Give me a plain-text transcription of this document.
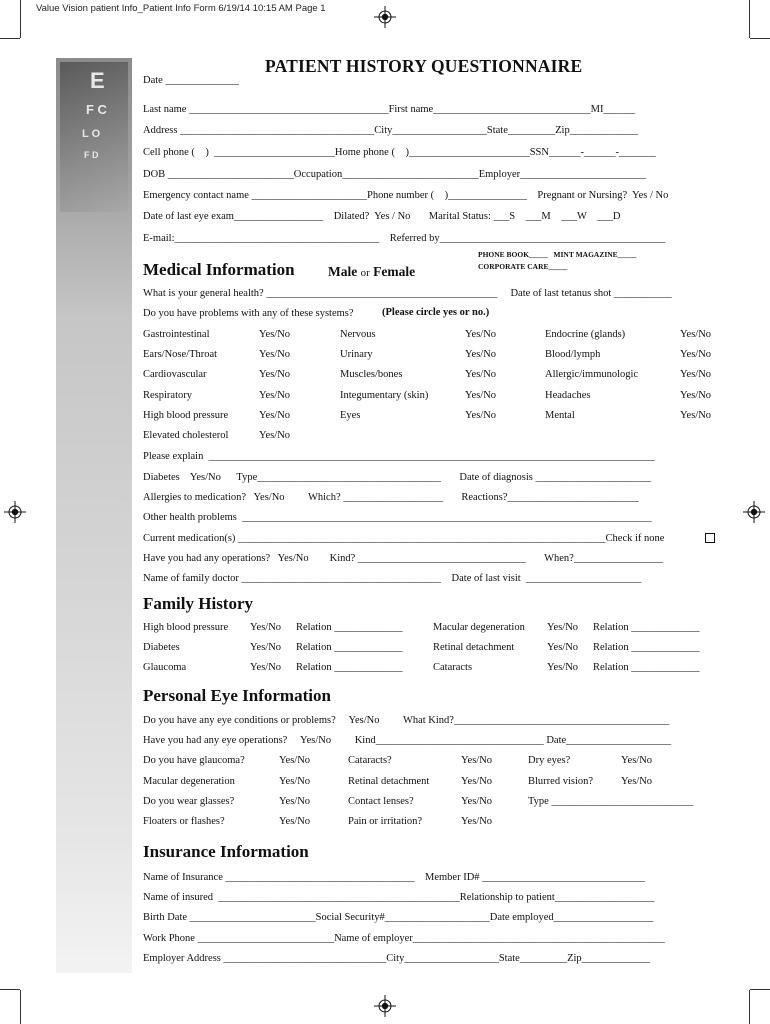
Value Vision patient Info_Patient Info Form 6/19/14 10:15 AM Page 1
E
F C
L O
F D
PATIENT HISTORY QUESTIONNAIRE
Date ______________
Last name ______________________________________First name______________________________MI______
Address _____________________________________City__________________State_________Zip_____________
Cell phone (    )  _______________________Home phone (    )_______________________SSN______-______-_______
DOB ________________________Occupation__________________________Employer________________________
Emergency contact name ______________________Phone number (    )_______________    Pregnant or Nursing?  Yes / No
Date of last eye exam_________________    Dilated?  Yes / No       Marital Status: ___S    ___M    ___W    ___D
E-mail:_______________________________________    Referred by___________________________________________
What is your general health? ____________________________________________     Date of last tetanus shot ___________
Do you have problems with any of these systems?	(Please circle yes or no.)
Gastrointestinal	Yes/No	Nervous	Yes/No	Endocrine (glands)	Yes/No
Ears/Nose/Throat	Yes/No	Urinary	Yes/No	Blood/lymph	Yes/No
Cardiovascular	Yes/No	Muscles/bones	Yes/No	Allergic/immunologic	Yes/No
Respiratory	Yes/No	Integumentary (skin)	Yes/No	Headaches	Yes/No
High blood pressure	Yes/No	Eyes	Yes/No	Mental	Yes/No
Elevated cholesterol	Yes/No
Please explain  _____________________________________________________________________________________
Diabetes    Yes/No      Type___________________________________       Date of diagnosis ______________________
Allergies to medication?   Yes/No         Which? ___________________       Reactions?_________________________
Other health problems  ______________________________________________________________________________
Current medication(s) ______________________________________________________________________Check if none
Have you had any operations?   Yes/No        Kind? ________________________________       When?_________________
Name of family doctor ______________________________________    Date of last visit  ______________________
High blood pressure Yes/No Relation _____________	Macular degeneration Yes/No Relation _____________
Diabetes	Yes/No Relation _____________	Retinal detachment	Yes/No Relation _____________
Glaucoma	Yes/No Relation _____________	Cataracts	Yes/No Relation _____________
Do you have any eye conditions or problems?     Yes/No         What Kind?_________________________________________
Have you had any eye operations?     Yes/No         Kind________________________________ Date____________________
Do you have glaucoma?	Yes/No	Cataracts?	Yes/No	Dry eyes?	Yes/No
Macular degeneration	Yes/No	Retinal detachment	Yes/No	Blurred vision?	Yes/No
Do you wear glasses?	Yes/No	Contact lenses?	Yes/No	Type ___________________________
Floaters or flashes?	Yes/No	Pain or irritation?	Yes/No
Name of Insurance ____________________________________    Member ID# _______________________________
Name of insured  ______________________________________________Relationship to patient___________________
Birth Date ________________________Social Security#____________________Date employed___________________
Work Phone __________________________Name of employer________________________________________________
Employer Address _______________________________City__________________State_________Zip_____________
Medical Information
Family History
Personal Eye Information
Insurance Information
Male or Female
PHONE BOOK_____   MINT MAGAZINE_____
CORPORATE CARE_____
